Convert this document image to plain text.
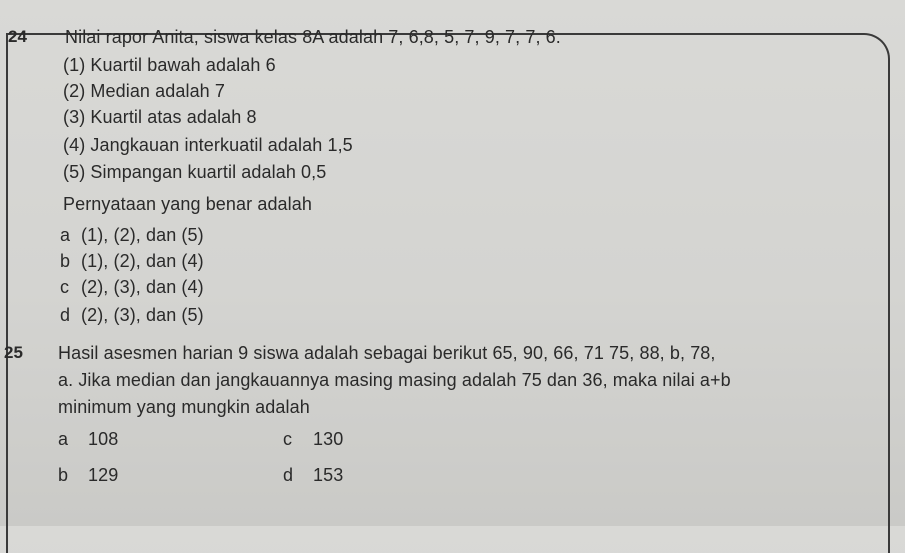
24 Nilai rapor Anita, siswa kelas 8A adalah 7, 6,8, 5, 7, 9, 7, 7, 6.
(1) Kuartil bawah adalah 6
(2) Median adalah 7
(3) Kuartil atas adalah 8
(4) Jangkauan interkuatil adalah 1,5
(5) Simpangan kuartil adalah 0,5
Pernyataan yang benar adalah
a (1), (2), dan (5)
b (1), (2), dan (4)
c (2), (3), dan (4)
d (2), (3), dan (5)
25 Hasil asesmen harian 9 siswa adalah sebagai berikut 65, 90, 66, 71 75, 88, b, 78,
a. Jika median dan jangkauannya masing masing adalah 75 dan 36, maka nilai a+b
minimum yang mungkin adalah
a 108
b 129
c 130
d 153
